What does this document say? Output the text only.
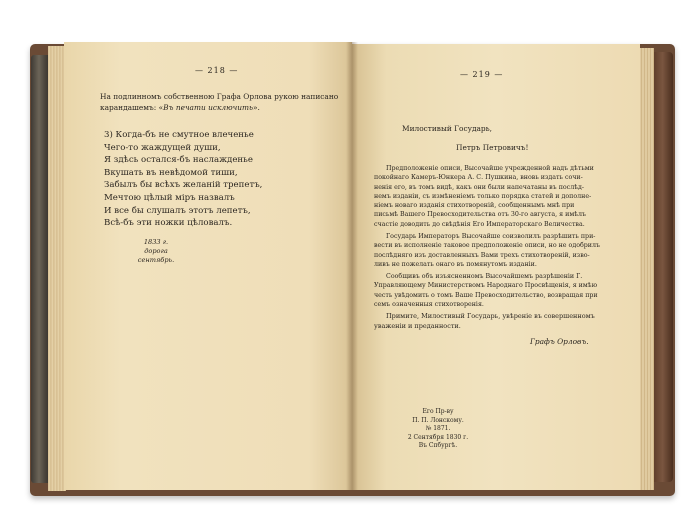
— 218 —
На подлинномъ собственною Графа Орлова рукою написано
карандашемъ: «Въ печати исключить».
3) Когда-бъ не смутное влеченье
Чего-то жаждущей души,
Я здѣсь остался-бъ наслажденье
Вкушать въ невѣдомой тиши,
Забылъ бы всѣхъ желаній трепетъ,
Мечтою цѣлый міръ назвалъ
И все бы слушалъ этотъ лепетъ,
Всѣ-бъ эти ножки цѣловалъ.
1833 г.
дорога
сентябрь.
— 219 —
Милостивый Государь,
Петръ Петровичъ!
Предположеніе описи, Высочайше учрежденной надъ дѣтьми
покойнаго Камеръ-Юнкера А. С. Пушкина, вновь издать сочи-
ненія его, въ томъ видѣ, какъ они были напечатаны въ послѣд-
немъ изданіи, съ измѣненіемъ только порядка статей и дополне-
ніемъ новаго изданія стихотвореній, сообщеннымъ мнѣ при
письмѣ Вашего Превосходительства отъ 30-го августа, я имѣлъ
счастіе доводить до свѣдѣнія Его Императорскаго Величества.
Государь Императоръ Высочайше соизволилъ разрѣшить при-
вести въ исполненіе таковое предположеніе описи, но не одобрилъ
послѣдняго изъ доставленныхъ Вами трехъ стихотвореній, изво-
ливъ не пожелать онаго въ помянутомъ изданіи.
Сообщивъ объ изъясненномъ Высочайшемъ разрѣшеніи Г.
Управляющему Министерствомъ Народнаго Просвѣщенія, я имѣю
честь увѣдомить о томъ Ваше Превосходительство, возвращая при
семъ означенныя стихотворенія.
Примите, Милостивый Государь, увѣреніе въ совершенномъ
уваженіи и преданности.
Графъ Орловъ.
Его Пр-ву
П. П. Лонскому.
№ 1871.
2 Сентября 1830 г.
Въ Спбургѣ.
